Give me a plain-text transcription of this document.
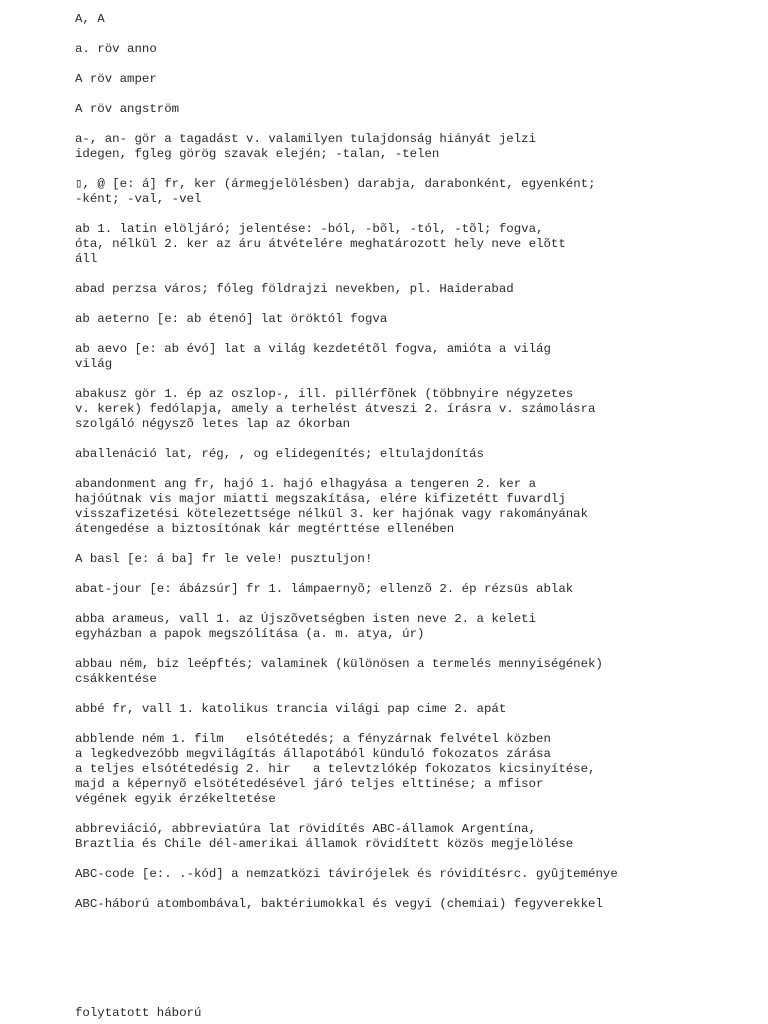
A, A
a. röv anno
A röv amper
A röv angström
a-, an- gör a tagadást v. valamilyen tulajdonság hiányát jelzi
idegen, fgleg görög szavak elején; -talan, -telen
▯, @ [e: á] fr, ker (ármegjelölésben) darabja, darabonként, egyenként;
-ként; -val, -vel
ab 1. latin elöljáró; jelentése: -ból, -bõl, -tól, -tõl; fogva,
óta, nélkül 2. ker az áru átvételére meghatározott hely neve elõtt
áll
abad perzsa város; fóleg földrajzi nevekben, pl. Haiderabad
ab aeterno [e: ab étenó] lat öröktól fogva
ab aevo [e: ab évó] lat a világ kezdetétõl fogva, amióta a világ
világ
abakusz gör 1. ép az oszlop-, ill. pillérfõnek (többnyire négyzetes
v. kerek) fedólapja, amely a terhelést átveszi 2. írásra v. számolásra
szolgáló négyszõ letes lap az ókorban
aballenáció lat, rég, , og elidegenítés; eltulajdonítás
abandonment ang fr, hajó 1. hajó elhagyása a tengeren 2. ker a
hajóútnak vis major miatti megszakítása, elére kifizetétt fuvardlj
visszafizetési kötelezettsége nélkül 3. ker hajónak vagy rakományának
átengedése a biztosítónak kár megtérttése ellenében
A basl [e: á ba] fr le vele! pusztuljon!
abat-jour [e: ábázsúr] fr 1. lámpaernyõ; ellenzõ 2. ép rézsüs ablak
abba arameus, vall 1. az Újszõvetségben isten neve 2. a keleti
egyházban a papok megszólítása (a. m. atya, úr)
abbau ném, biz leépftés; valaminek (különösen a termelés mennyiségének)
csákkentése
abbé fr, vall 1. katolikus trancia világi pap cime 2. apát
abblende ném 1. film   elsótétedés; a fényzárnak felvétel közben
a legkedvezóbb megvilágítás állapotából künduló fokozatos zárása
a teljes elsótétedésig 2. hir   a televtzlókép fokozatos kicsinyítése,
majd a képernyõ elsötétedésével járó teljes elttinése; a mfisor
végének egyik érzékeltetése
abbreviáció, abbreviatúra lat rövidítés ABC-államok Argentína,
Braztlia és Chile dél-amerikai államok rövidített közös megjelölése
ABC-code [e:. .-kód] a nemzatközi távirójelek és róvidítésrc. gyûjteménye
ABC-háború atombombával, baktériumokkal és vegyi (chemiai) fegyverekkel
folytatott háború
